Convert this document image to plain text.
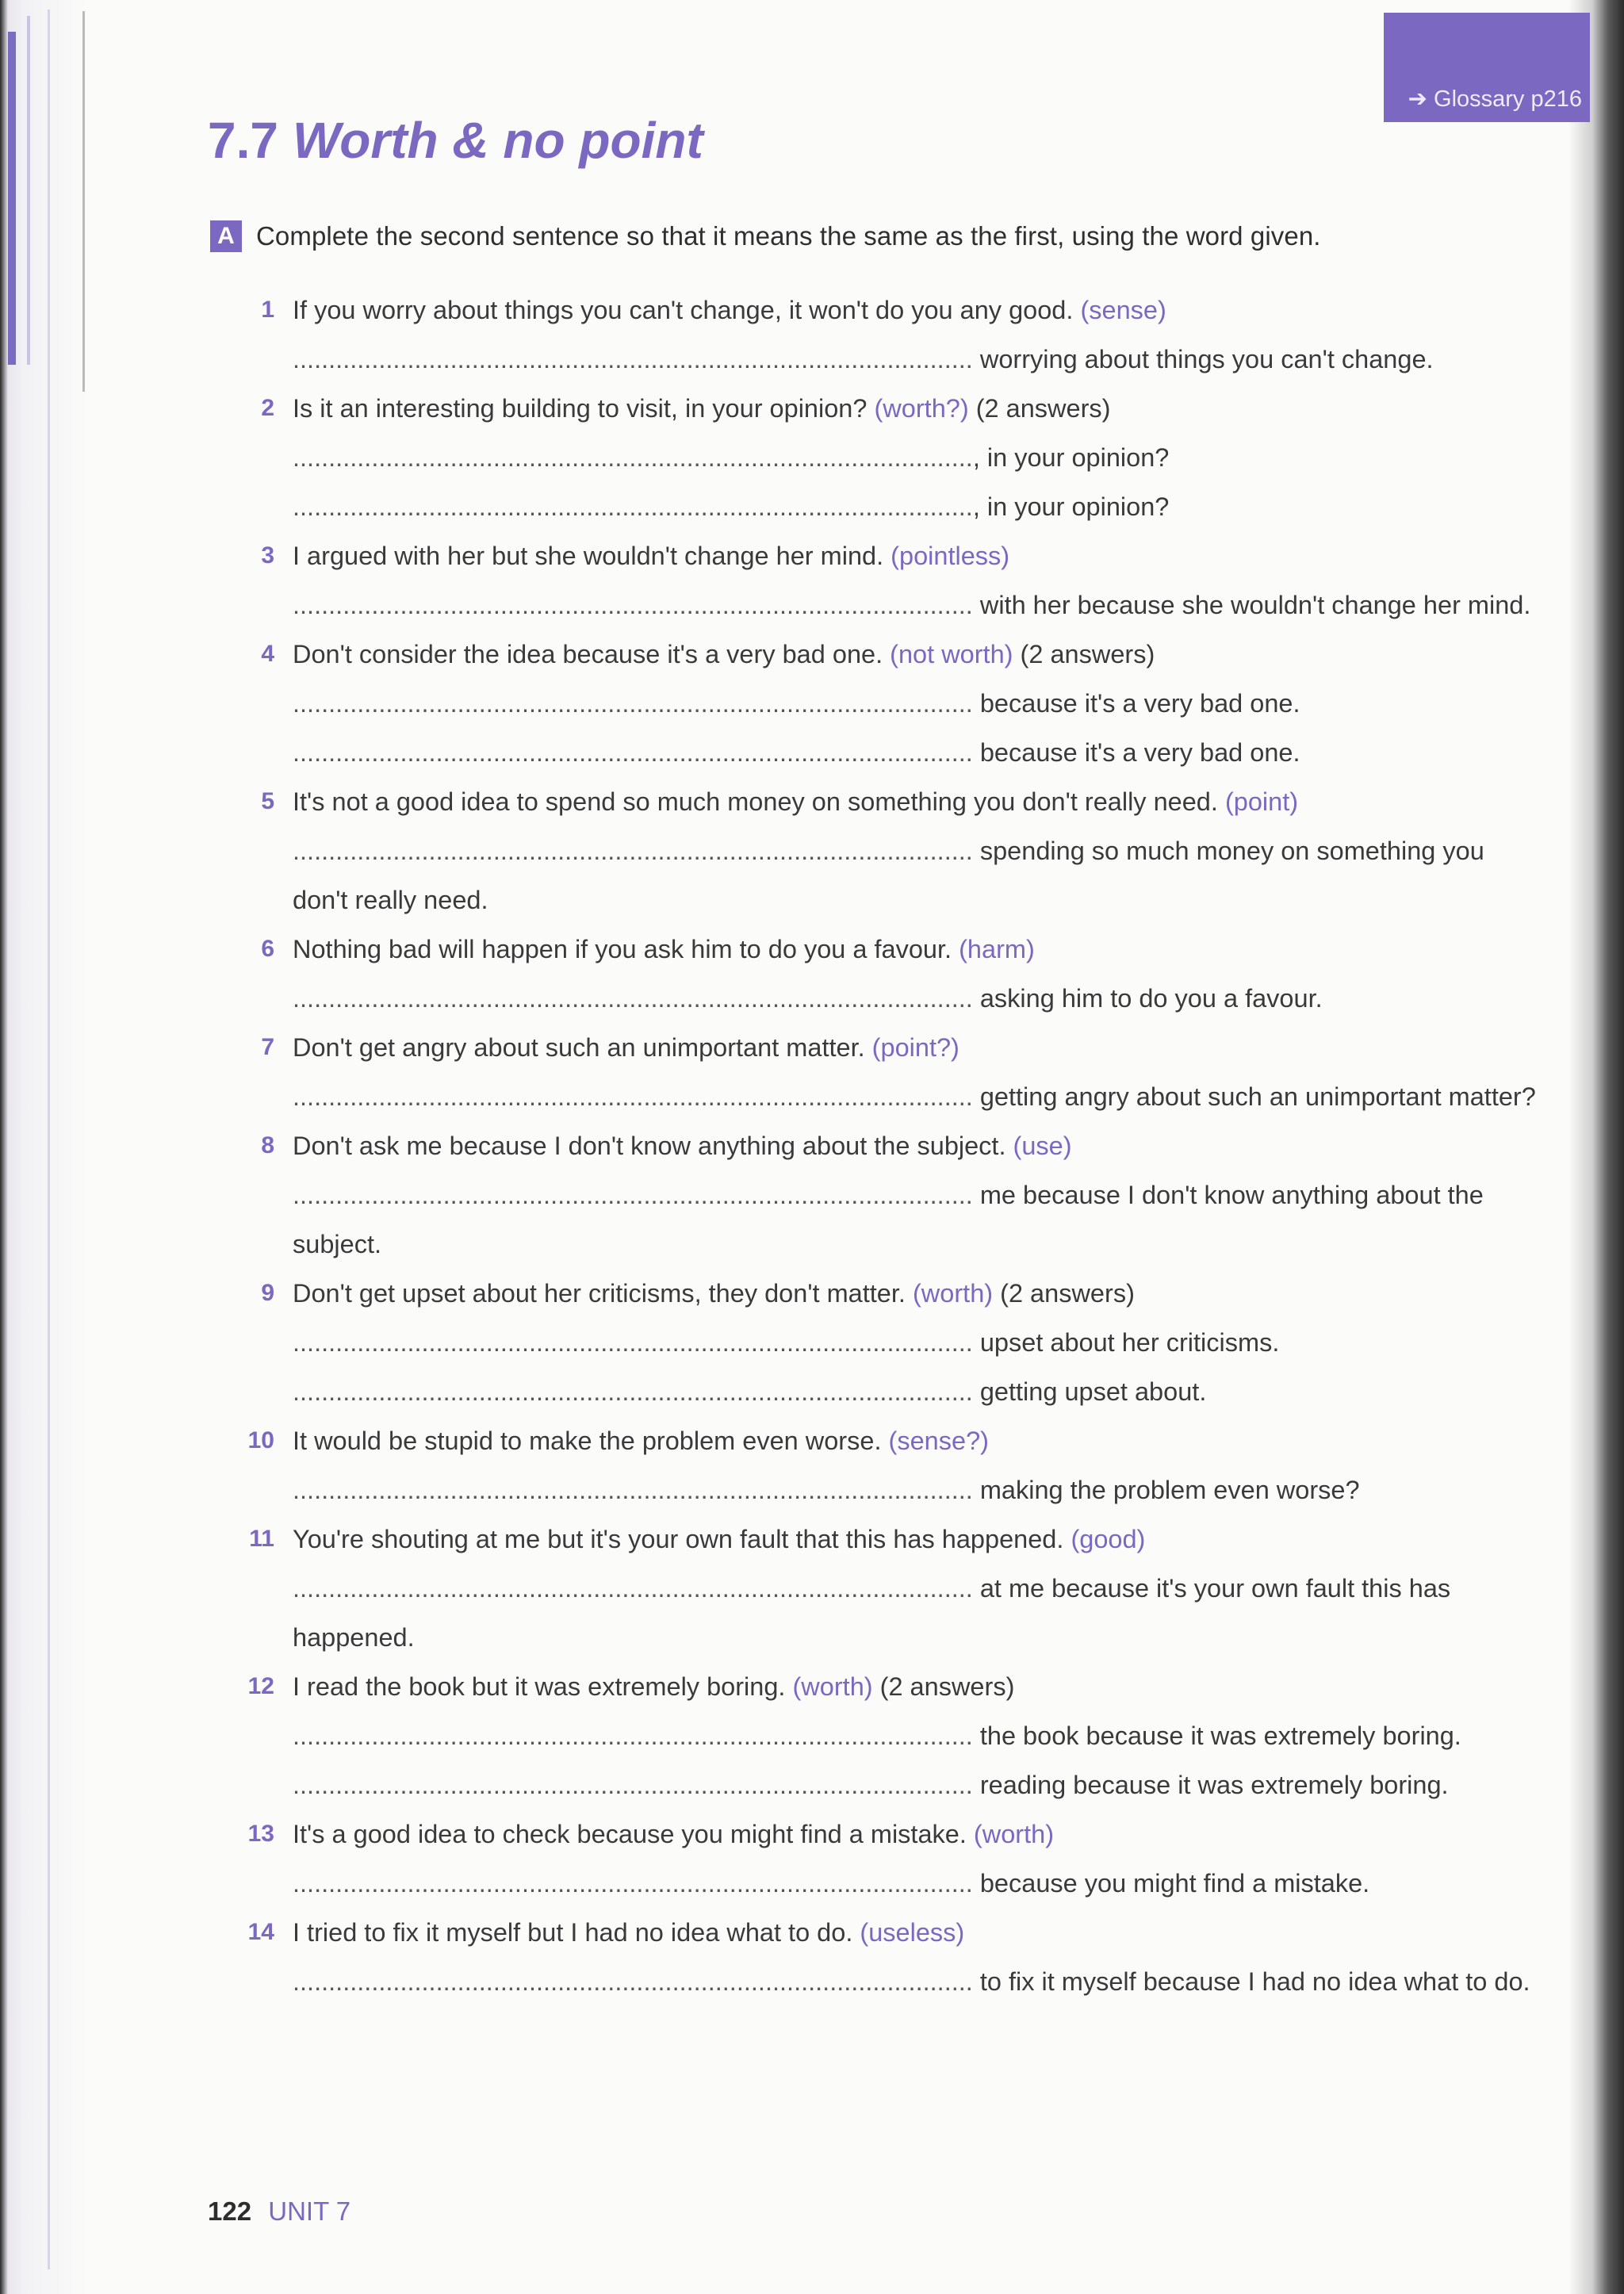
➔ Glossary p216
7.7 Worth & no point
A Complete the second sentence so that it means the same as the first, using the word given.
1 If you worry about things you can't change, it won't do you any good. (sense)
............................................................................................... worrying about things you can't change.
2 Is it an interesting building to visit, in your opinion? (worth?) (2 answers)
..............................................................................................., in your opinion?
..............................................................................................., in your opinion?
3 I argued with her but she wouldn't change her mind. (pointless)
............................................................................................... with her because she wouldn't change her mind.
4 Don't consider the idea because it's a very bad one. (not worth) (2 answers)
............................................................................................... because it's a very bad one.
............................................................................................... because it's a very bad one.
5 It's not a good idea to spend so much money on something you don't really need. (point)
............................................................................................... spending so much money on something you
don't really need.
6 Nothing bad will happen if you ask him to do you a favour. (harm)
............................................................................................... asking him to do you a favour.
7 Don't get angry about such an unimportant matter. (point?)
............................................................................................... getting angry about such an unimportant matter?
8 Don't ask me because I don't know anything about the subject. (use)
............................................................................................... me because I don't know anything about the
subject.
9 Don't get upset about her criticisms, they don't matter. (worth) (2 answers)
............................................................................................... upset about her criticisms.
............................................................................................... getting upset about.
10 It would be stupid to make the problem even worse. (sense?)
............................................................................................... making the problem even worse?
11 You're shouting at me but it's your own fault that this has happened. (good)
............................................................................................... at me because it's your own fault this has
happened.
12 I read the book but it was extremely boring. (worth) (2 answers)
............................................................................................... the book because it was extremely boring.
............................................................................................... reading because it was extremely boring.
13 It's a good idea to check because you might find a mistake. (worth)
............................................................................................... because you might find a mistake.
14 I tried to fix it myself but I had no idea what to do. (useless)
............................................................................................... to fix it myself because I had no idea what to do.
122 UNIT 7
